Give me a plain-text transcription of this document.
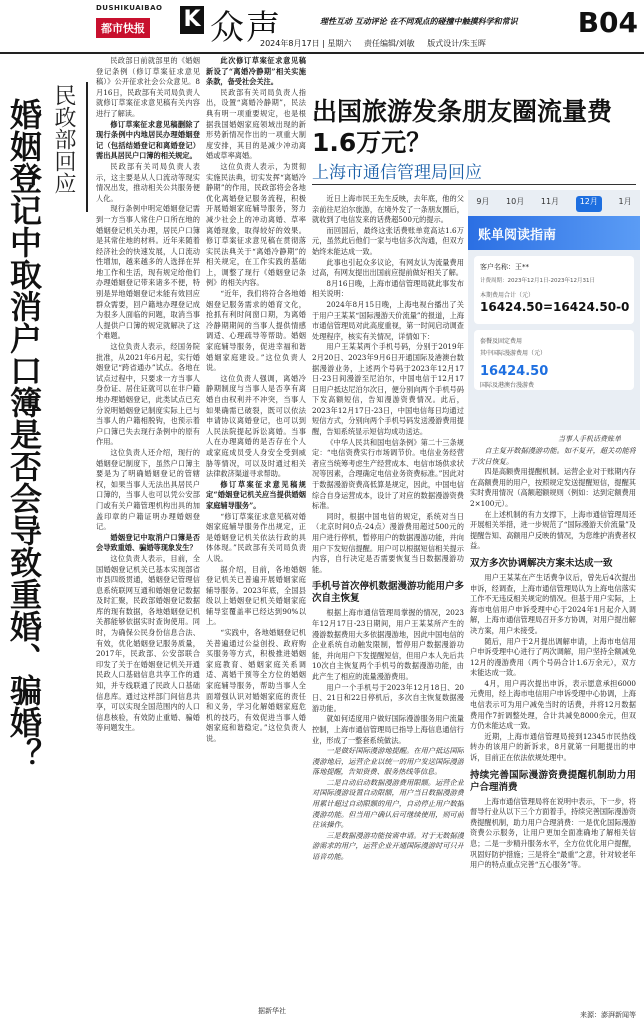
DUSHIKUAIBAO
都市快报 K 众声	理性互动 互动评论 在不同观点的碰撞中触摸科学和常识 B04
2024年8月17日 | 星期六 责任编辑/刘敏 版式设计/朱玉晖
婚姻登记中取消户口簿是否会导致重婚、骗婚？ 民政部回应

民政部日前就部里的《婚姻登记条例（修订草案征求意见稿）》公开征求社会公众意见。8月16日，民政部有关司局负责人就修订草案征求意见稿有关内容进行了解读。

修订草案征求意见稿删除了现行条例中内地居民办理婚姻登记（包括结婚登记和离婚登记）需出具居民户口簿的相关规定。

民政部有关司局负责人表示，这主要是从人口流动等现实情况出发，推动相关公共服务便人化。

现行条例中明定婚姻登记需到一方当事人常住户口所在地的婚姻登记机关办理，居民户口簿是其常住地的材料。近年来随着经济社会的快速发展，人口流动性增加，越来越多的人选择在异地工作和生活，现有规定给他们办理婚姻登记带来诸多不便，特别是异地婚姻登记未能有效回应群众需要，回户籍地办理登记成为很多人面临的问题，取消当事人提供户口簿的规定就解决了这个难题。

这位负责人表示，经国务院批准，从2021年6月起，实行婚姻登记“跨省通办”试点。各地在试点过程中，只要求一方当事人身份证、居住证就可以在非户籍地办理婚姻登记，此类试点已充分说明婚姻登记制度实际上已与当事人的户籍相脱钩，也预示着户口簿已失去现行条例中的原有作用。

这位负责人还介绍，现行的婚姻登记制度下，虽然户口簿主要是为了明确婚姻登记的管辖权，如果当事人无法出具居民户口簿的，当事人也可以凭公安部门或有关户籍管理机构出具的加盖印章的户籍证明办理婚姻登记。

婚姻登记中取消户口簿是否会导致重婚、骗婚等现象发生？

这位负责人表示，目前，全国婚姻登记机关已基本实现部省市县四级贯通，婚姻登记管理信息系统联网互通和婚姻登记数据及时汇聚，民政部婚姻登记数据库的现有数据，各地婚姻登记机关都能够依据实时查询使用。同时，为确保公民身份信息合法、有效，优化婚姻登记服务质量，2017年，民政部、公安部联合印发了关于在婚姻登记机关开通民政人口基础信息共享工作的通知，并专线联通了民政人口基础信息库。通过这样部门间信息共享，可以实现全国范围内的人口信息核验，有效防止重婚、骗婚等问题发生。

此次修订草案征求意见稿新设了“离婚冷静期”相关实施条款，备受社会关注。

民政部有关司局负责人指出，设置“离婚冷静期”，民法典有明一项重要规定，也是根据我国婚姻家庭领域出现的新形势新情况作出的一项重大制度安排，其目的是减少冲动离婚或草率离婚。

这位负责人表示，为贯彻实施民法典，切实发挥“离婚冷静期”的作用，民政部将会各地优化离婚登记服务流程，积极开展婚姻家庭辅导服务，努力减少社会上的冲动离婚、草率离婚现象，取得较好的效果。修订草案征求意见稿在贯彻落实民法典关于“离婚冷静期”的相关规定，在工作实践的基础上，调整了现行《婚姻登记条例》的相关内容。

“近年，我们将符合各地婚姻登记服务需求的婚育文化，抢抓有利时间窗口期，为离婚冷静期期间的当事人提供情感调适、心理疏导等帮助。婚姻家庭辅导服务，促进幸福和谐婚姻家庭建设。”这位负责人说。

这位负责人强调，离婚冷静期制度与当事人是否享有离婚自由权利并不冲突，当事人如果确需已破裂，既可以依法申请协议离婚登记，也可以到人民法院提起诉讼离婚。当事人在办理离婚的是否存在个人或家庭成员受人身安全受到威胁等情况，可以及时通过相关法律救济渠道寻求帮助。

修订草案征求意见稿规定“婚姻登记机关应当提供婚姻家庭辅导服务”。

“修订草案征求意见稿对婚姻家庭辅导服务作出规定，正是婚姻登记机关依法行政的具体体现。”民政部有关司局负责人说。

据介绍，目前，各地婚姻登记机关已普遍开展婚姻家庭辅导服务。2023年底，全国县级以上婚姻登记机关婚姻家庭辅导室覆盖率已经达到90%以上。

“实践中，各地婚姻登记机关普遍通过公益创投、政府购买服务等方式，积极推进婚姻家庭教育、婚姻家庭关系调适、离婚干预等全方位的婚姻家庭辅导服务，帮助当事人全面增强认识对婚姻家庭的责任和义务，学习化解婚姻家庭危机的技巧，有效促进当事人婚姻家庭和谐稳定。”这位负责人说。

据新华社
出国旅游发条朋友圈流量费1.6万元？
上海市通信管理局回应
9月 10月 11月	12月	1月
账单阅读指南
客户名称：王**
计费周期：2023年12月1日-2023年12月31日
本期费用合计（元）
16424.50=16424.50-0
套餐及固定费用
其中国际漫游费用（元）
16424.50
国际及港澳台漫游费
当事人手机话费账单

近日上海市民王先生反映，去年底，他的父亲前往尼泊尔旅游，在境外发了一条朋友圈后，就收到了电信发来的话费超500元的提示。

而回国后，最终这张话费账单竟高达1.6万元，虽然此后他们一家与电信多次沟通，但双方始终未能达成一致。

此事也引起众多议论，有网友认为流量费用过高，有网友提出出国前应提前做好相关了解。

8月16日晚，上海市通信管理局就此事发布相关说明：

2024年8月15日晚，上海电视台播出了关于用户王某某“国际漫游天价流量”的报道，上海市通信管理局对此高度重视，第一时间启动调查处理程序，核实有关情况，详情如下：

用户王某某两个手机号码，分别于2019年2月20日、2023年9月6日开通国际及港澳台数据漫游业务，上述两个号码于2023年12月17日-23日间漫游至尼泊尔，中国电信于12月17日用户抵达尼泊尔次日，便分别向两个手机号码下发高额短信，告知漫游资费情况。此后，2023年12月17日-23日，中国电信每日均通过短信方式，分别向两个手机号码发送漫游费用提醒，告知系统显示短信均成功送达。

《中华人民共和国电信条例》第二十三条规定：“电信资费实行市场调节价。电信业务经营者应当统筹考虑生产经营成本、电信市场供求状况等因素，合理确定电信业务资费标准。”因此对于数据漫游资费高低算是规定，因此，中国电信综合自身运营成本，设计了对应的数据漫游资费标准。

同时，根据中国电信的规定，系统对当日（北京时间0点-24点）漫游费用超过500元的用户进行停机，暂停用户的数据漫游功能，并向用户下发短信提醒。用户可以根据短信相关提示内容，自行决定是否需要恢复当日数据漫游功能。

手机号首次停机数据漫游功能用户多次自主恢复

根据上海市通信管理局掌握的情况，2023年12月17日-23日期间，用户王某某所产生的漫游数据费用大多依据漫游地，因此中国电信的企业系统自动触发限制，暂停用户数据漫游功能，并向用户下发提醒短信，但用户本人先后共10次自主恢复两个手机号的数据漫游功能，由此产生了相应的流量漫游费用。

用户一个手机号于2023年12月18日、20日、21日和22日停机后，多次自主恢复数据漫游功能。

就如何适度用户做好国际漫游服务用户流量控制，上海市通信管理局已指导上海信息通信行业，形成了一整套系统做法。

一是做好国际漫游地提醒。在用户抵达国际漫游地后，运营企业以统一的用户发送国际漫游落地提醒，告知资费、服务热线等信息。

二是自动启动数据漫游费用限额。运营企业对国际漫游设置自动限额，用户当日数据漫游费用累计超过自动限额的用户，自动停止用户数据漫游功能。但当用户确认后可继续使用，则可前往该操作。

三是数据漫游功能按需申请。对于无数据漫游需求的用户，运营企业开通国际漫游时可只开语音功能。

自主复开数据漫游功能。如不复开，超关功能将于次日恢复。

四是高额费用提醒机制。运营企业对于账期内存在高额费用的用户，按照规定发送提醒短信，提醒其实时费用情况（高额超额规则（例如：达到定额费用2×100元）。

在上述机制的有力支撑下，上海市通信管理局还开展相关举措，进一步规范了“国际漫游天价流量”及提醒告知、高额用户反映的情况，为您维护消费者权益。

双方多次协调解决方案未达成一致

用户王某某在产生话费争议后，曾先后4次提出申诉，经调查，上海市通信管理局认为上海电信落实工作不无违反相关规定的情况。但基于用户实际，上海市电信用户申诉受理中心于2024年1月起介入调解，上海市通信管理局召开多方协调，对用户提出解决方案，用户未接受。

随后，用户于2月提出调解申请，上海市电信用户申诉受理中心进行了两次调解，用户坚持全额减免12月的漫游费用（两个号码合计1.6万余元），双方未能达成一致。

4月，用户再次提出申诉，表示愿意承担6000元费用，经上海市电信用户申诉受理中心协调，上海电信表示可为用户减免当时的话费，并将12月数据费用作7折调整处理，合计共减免8000余元，但双方仍未能达成一致。

近期，上海市通信管理局接到12345市民热线转办的该用户的新诉求，8月就第一问题提出的申诉，目前正在依法依规处理中。

持续完善国际漫游资费提醒机制助力用户合理消费

上海市通信管理局将在说明中表示，下一步，将督导行业从以下三个方面着手，持续完善国际漫游资费提醒机制，助力用户合理消费：一是优化国际漫游资费公示服务，让用户更加全面准确地了解相关信息；二是一步精升服务水平，全方位优化用户提醒，巩固好防护措施；三是将全“最重”之意，针对较老年用户的特点重点完善“五心服务”等。

来源：澎湃新闻等
